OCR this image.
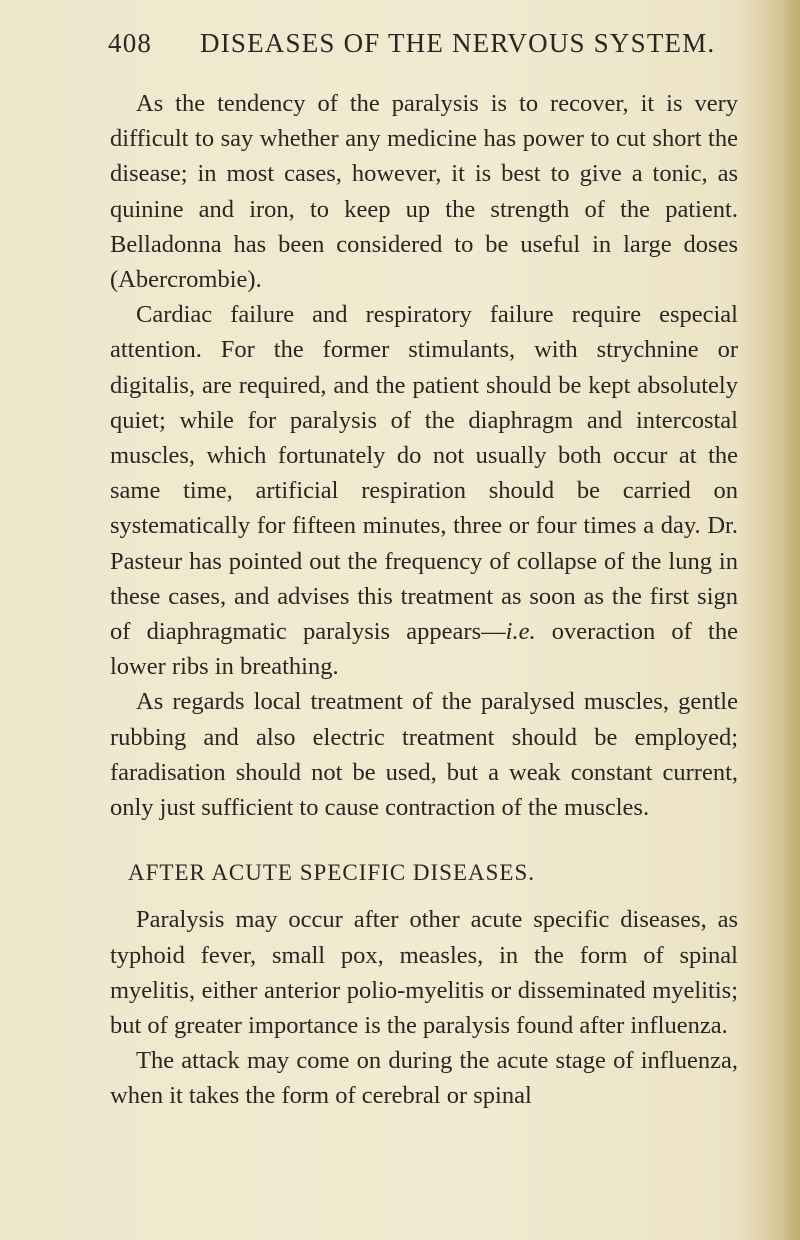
408 DISEASES OF THE NERVOUS SYSTEM.

As the tendency of the paralysis is to recover, it is very difficult to say whether any medicine has power to cut short the disease; in most cases, however, it is best to give a tonic, as quinine and iron, to keep up the strength of the patient. Belladonna has been considered to be useful in large doses (Abercrombie).

Cardiac failure and respiratory failure require especial attention. For the former stimulants, with strychnine or digitalis, are required, and the patient should be kept absolutely quiet; while for paralysis of the diaphragm and intercostal muscles, which fortunately do not usually both occur at the same time, artificial respiration should be carried on systematically for fifteen minutes, three or four times a day. Dr. Pasteur has pointed out the frequency of collapse of the lung in these cases, and advises this treatment as soon as the first sign of diaphragmatic paralysis appears—i.e. overaction of the lower ribs in breathing.

As regards local treatment of the paralysed muscles, gentle rubbing and also electric treatment should be employed; faradisation should not be used, but a weak constant current, only just sufficient to cause contraction of the muscles.

AFTER ACUTE SPECIFIC DISEASES.

Paralysis may occur after other acute specific diseases, as typhoid fever, small pox, measles, in the form of spinal myelitis, either anterior polio-myelitis or disseminated myelitis; but of greater importance is the paralysis found after influenza.

The attack may come on during the acute stage of influenza, when it takes the form of cerebral or spinal
